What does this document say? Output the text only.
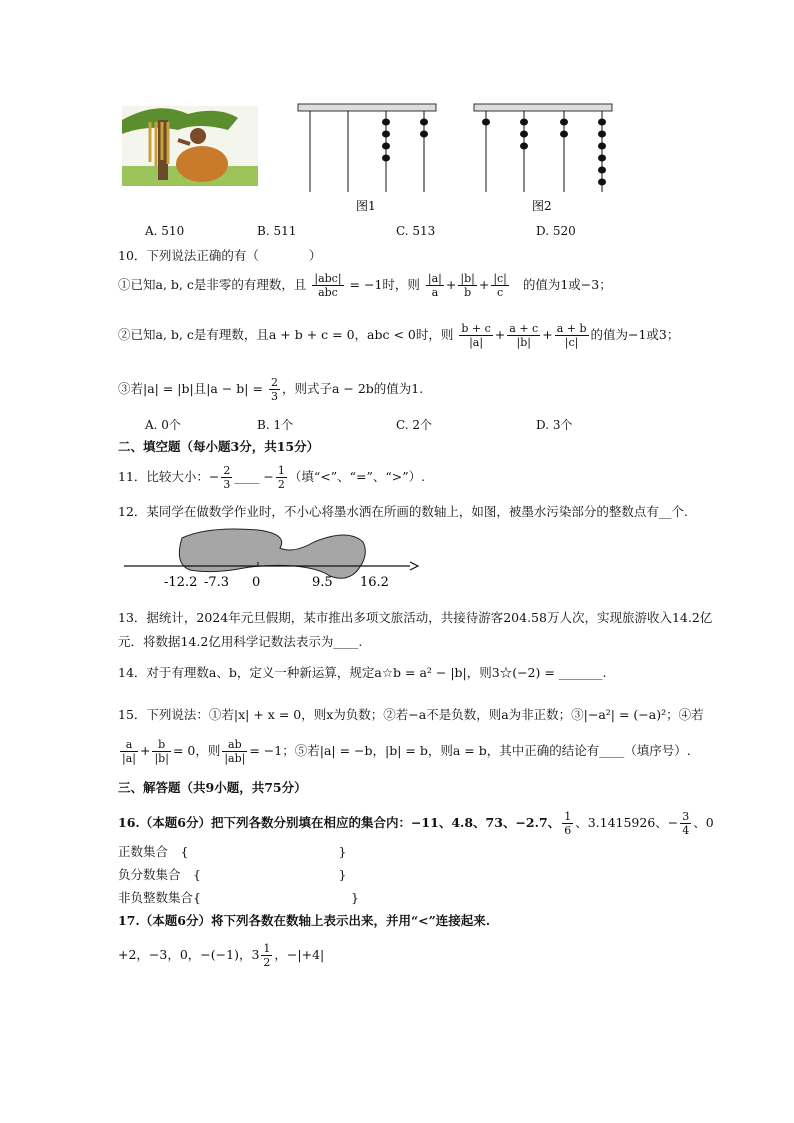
图1	图2
A. 510	B. 511	C. 513	D. 520
10．下列说法正确的有（　　　　）
①已知a, b, c是非零的有理数，且 $\frac{\text{|abc|}}{\text{abc}} = -1$时，则 $\frac{|a|}{a} + \frac{|b|}{b} + \frac{|c|}{c}$ 的值为1或−3；
②已知a, b, c是有理数，且a + b + c = 0，abc < 0时，则 $\frac{b + c}{|a|} + \frac{a + c}{|b|} + \frac{a + b}{|c|}$ 的值为−1或3；
③若|a| = |b|且$|a - b| = \frac{2}{3}$ ，则式子a − 2b的值为1.
A. 0个	B. 1个	C. 2个	D. 3个
二、填空题（每小题3分，共15分）
11．比较大小：− $\frac{2}{3}$ ____ − $\frac{1}{2}$ （填“<”、“=”、“>”）.
12．某同学在做数学作业时，不小心将墨水洒在所画的数轴上，如图，被墨水污染部分的整数点有__个.
-12.2 -7.3 0	9.5 16.2
13．据统计，2024年元旦假期，某市推出多项文旅活动，共接待游客204.58万人次，实现旅游收入14.2亿
元．将数据14.2亿用科学记数法表示为____.
14．对于有理数a、b，定义一种新运算，规定a☆b = a² − |b|，则3☆(−2) = _______.
15．下列说法：①若|x| + x = 0，则x为负数；②若−a不是负数，则a为非正数；③|−a²| = (−a)²；④若
$\frac{a}{|a|} + \frac{b}{|b|} = 0$，则 $\frac{ab}{|ab|} = -1$；⑤若|a| = −b，|b| = b，则a = b，其中正确的结论有____（填序号）.
三、解答题（共9小题，共75分）
16.（本题6分）把下列各数分别填在相应的集合内：−11、4.8、73、−2.7、 $\frac{1}{6}$ 、3.1415926、− $\frac{3}{4}$ 、0
正数集合　{　　　　　　　　　　　　}
负分数集合　{　　　　　　　　　　　}
非负整数集合{　　　　　　　　　　　　}
17.（本题6分）将下列各数在数轴上表示出来，并用“<”连接起来.
+2，−3，0，−(−1)，$3 \frac{1}{2}$ ，−|+4|
